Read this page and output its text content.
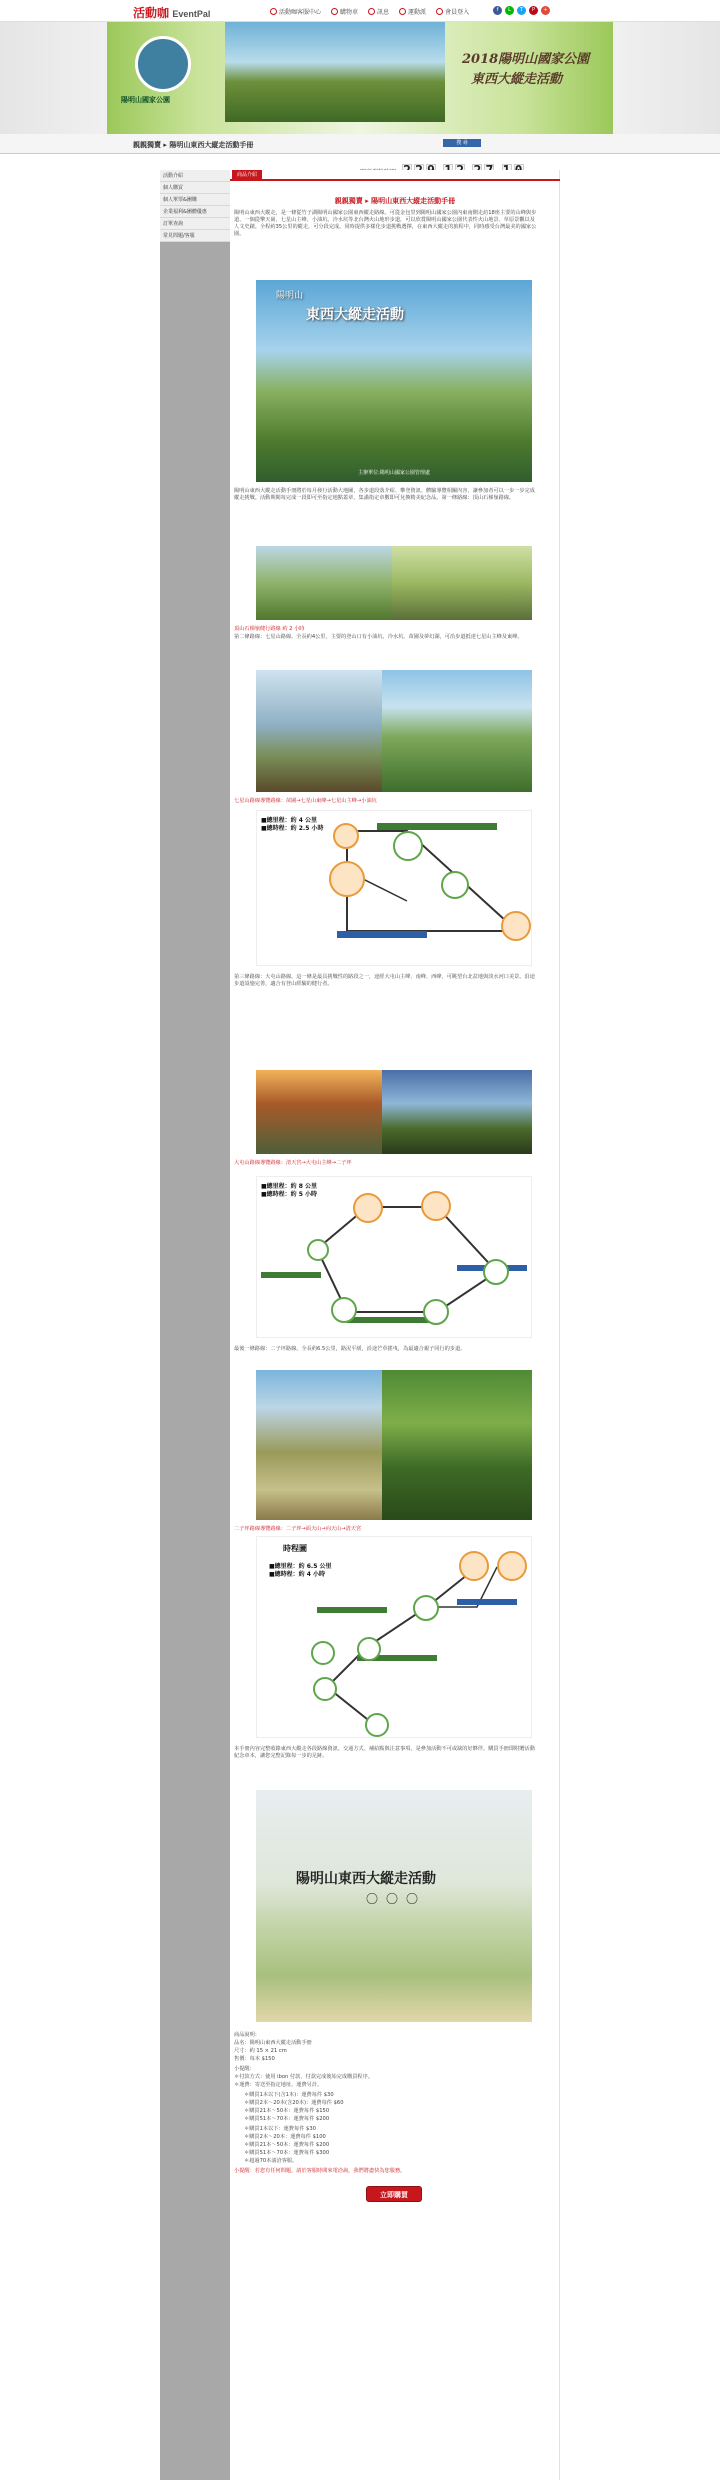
活動咖 EventPal	活動咖客服中心	購物車	訊息	運動派	會員登入	f	L	T	P	+
陽明山國家公園
2018陽明山國家公園
東西大縱走活動
親親獨賣 ▸ 陽明山東西大縱走活動手冊	搜 尋
活動介紹
個人購買
個人單票&團購
企業福利&團體優惠
訂單查詢
常見問題/客服
商品介紹
親親獨賣 ▸ 陽明山東西大縱走活動手冊
陽明山東西大縱走，是一條從竹子湖陽明山國家公園東西縱走路線。可從金包里到陽明山國家公園內東南側走訪18座主要的山峰與步道，一個從擎天崗、七星山主峰、小油坑、冷水坑等北台灣火山地形步道，可以欣賞陽明山國家公園代表性火山地景、草原景觀以及人文史蹟。全程約35公里的縱走，可分段完成。同時提供多樣化步道挑戰選擇，在東西大縱走的旅程中，同時感受台灣最美的國家公園。
陽明山
東西大縱走活動
主辦單位:陽明山國家公園管理處
陽明山東西大縱走活動手冊將於每月發行活動大地圖，各步道段落介紹、攀登資訊、體驗導覽相關內容，讓參加者可以一步一步完成縱走挑戰。活動期間每完成一段即可至指定地點蓋章，集滿指定章數即可兌換精美紀念品。第一條路線：頂山石梯嶺路線。
頂山石梯嶺健行路線 約 2 小時
第二條路線：七星山路線。全長約4公里，主要的登山口有小油坑、冷水坑、苗圃及夢幻湖，可沿步道抵達七星山主峰及東峰。
七星山路線導覽路線：苗圃→七星山東峰→七星山主峰→小油坑
■總里程：約 4 公里
■總時程：約 2.5 小時
第三條路線：大屯山路線。這一條是最具挑戰性的路段之一，途經大屯山主峰、南峰、西峰，可眺望台北盆地與淡水河口美景。沿途步道設施完善，適合有登山經驗的健行者。
大屯山路線導覽路線：清天宮→大屯山主峰→二子坪
■總里程：約 8 公里
■總時程：約 5 小時
最後一條路線：二子坪路線。全長約6.5公里，路況平緩，沿途芒草搖曳，為最適合親子同行的步道。
二子坪路線導覽路線：二子坪→面天山→向天山→清天宮
時程圖
■總里程：約 6.5 公里
■總時程：約 4 小時
本手冊內容完整收錄東西大縱走各段路線資訊、交通方式、補給點與注意事項，是參加活動不可或缺的好夥伴。購買手冊即附贈活動紀念章本，讓您完整記錄每一步的足跡。
陽明山東西大縱走活動
〇〇〇
商品說明：
品名：陽明山東西大縱走活動手冊
尺寸：約 15 × 21 cm
售價：每本 $150
小提醒：
＊付款方式：使用 ibon 付款，付款完成後始完成購買程序。
＊運費：寄送至指定地址，運費另計。
＊購買1本以下(含1本)：運費每件 $30
＊購買2本～20本(含20本)：運費每件 $60
＊購買21本～50本：運費每件 $150
＊購買51本～70本：運費每件 $200
＊購買1本以下：運費每件 $30
＊購買2本～20本：運費每件 $100
＊購買21本～50本：運費每件 $200
＊購買51本～70本：運費每件 $300
＊超過70本請洽客服。
小提醒：若您有任何問題，請於客服時間來電洽詢，我們將盡快為您服務。
立即購買
